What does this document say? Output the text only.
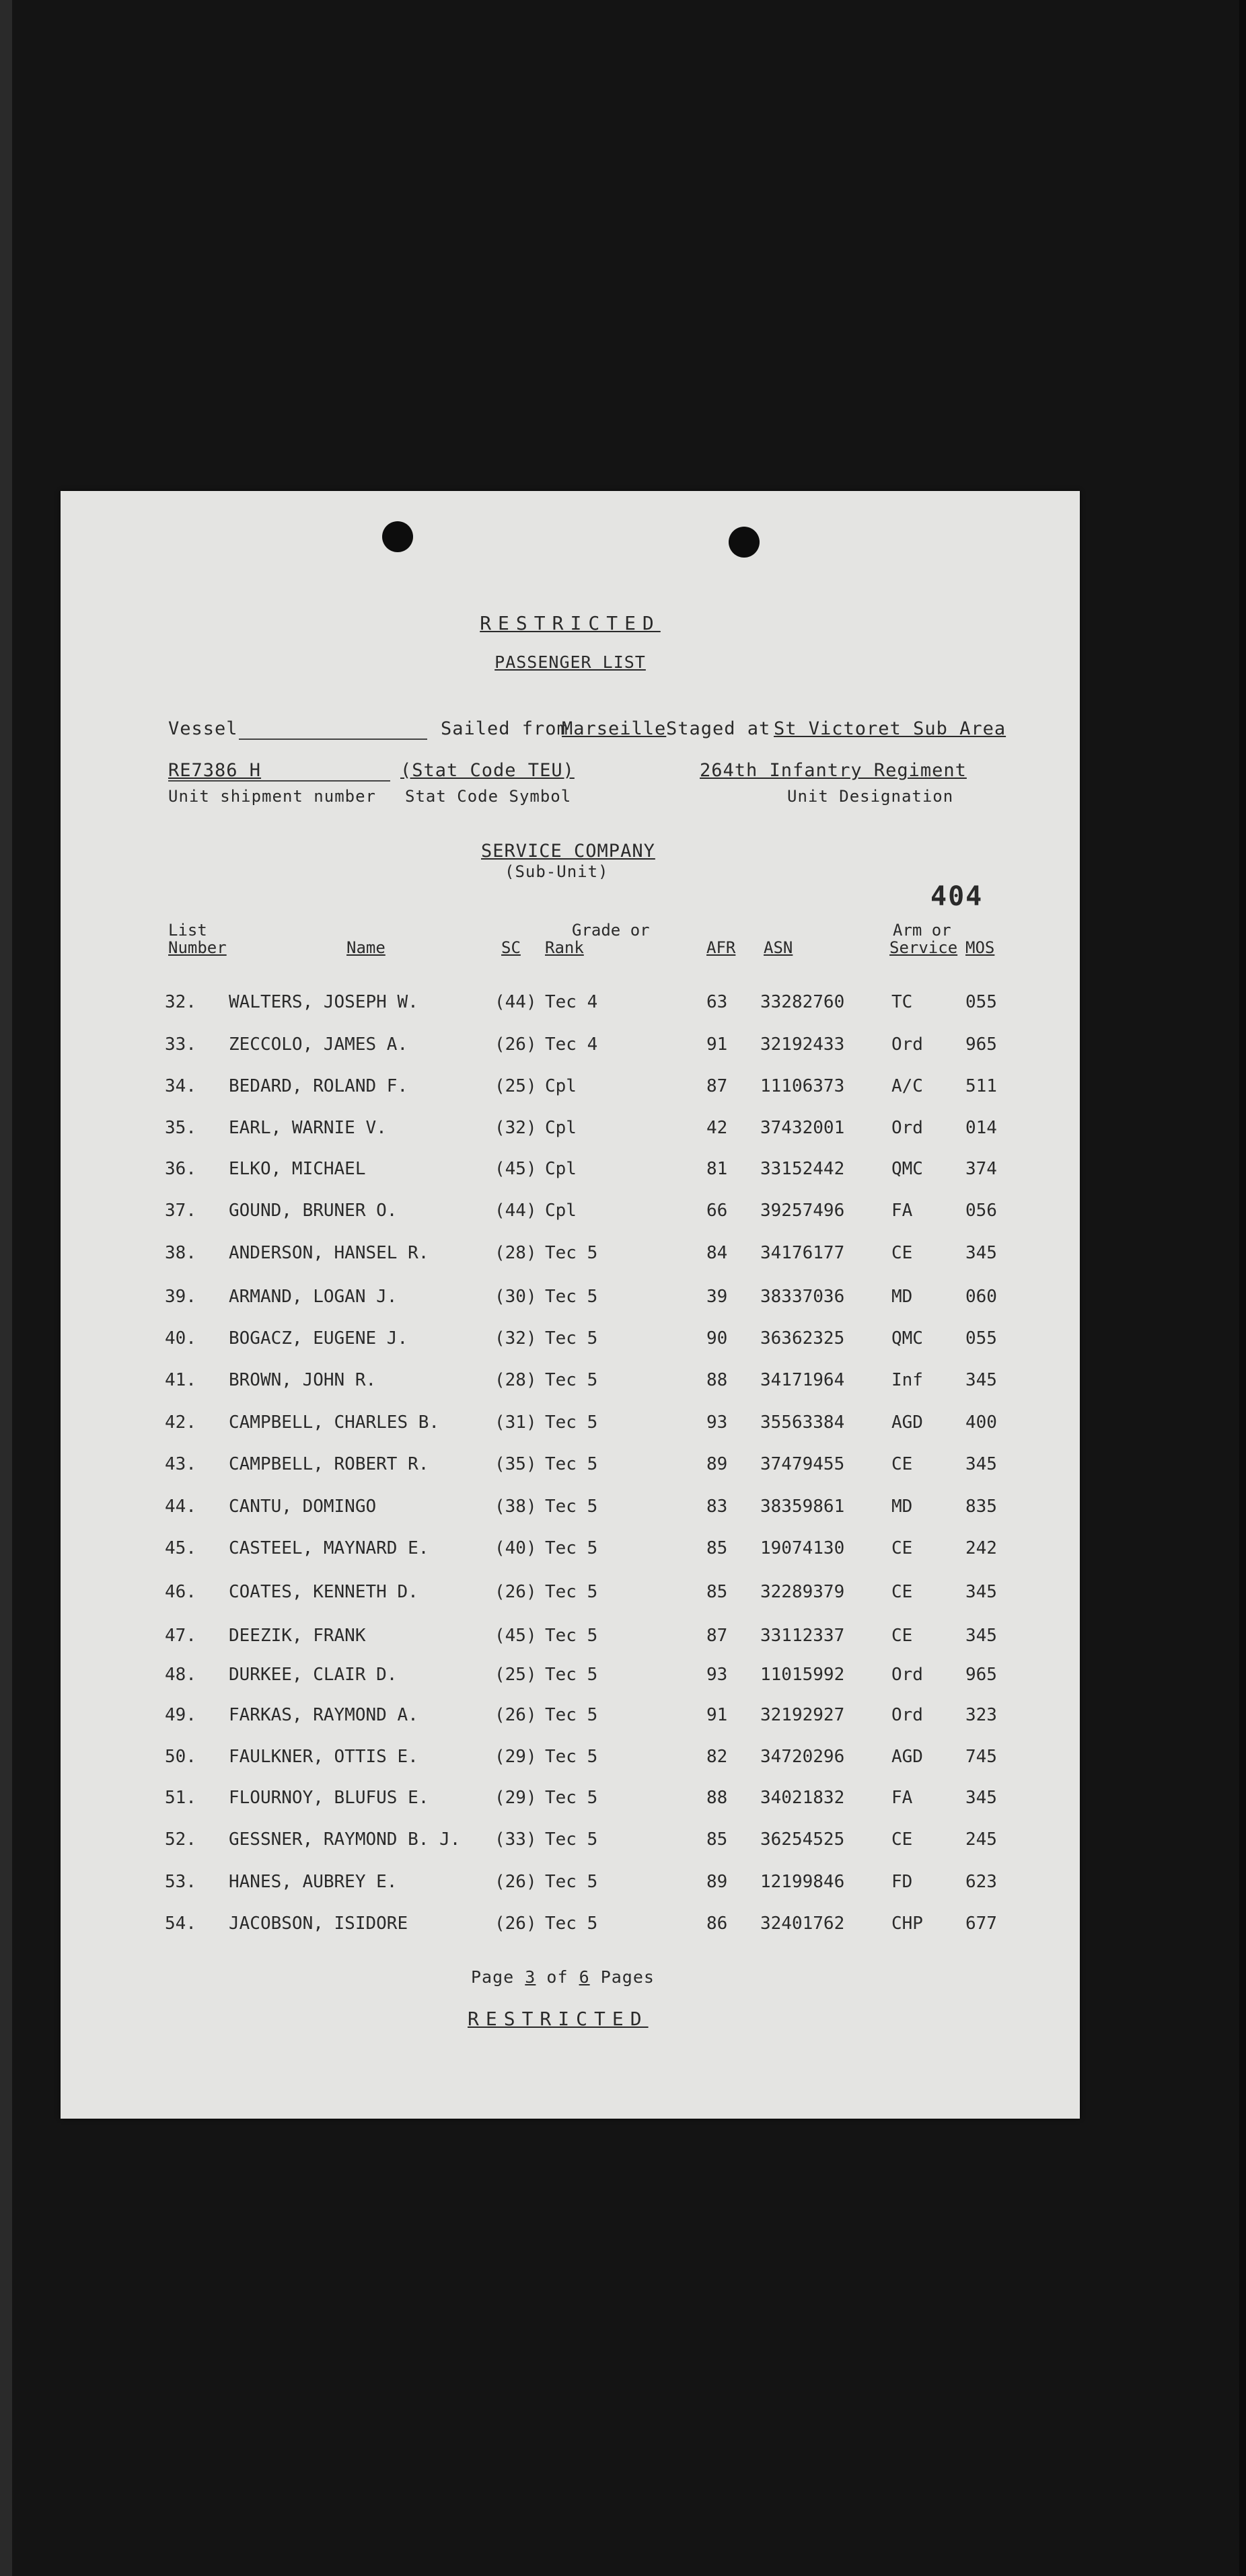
RESTRICTED
PASSENGER LIST
Vessel	Sailed from
Marseille Staged at St Victoret Sub Area
RE7386 H
Unit shipment number
(Stat Code TEU)
Stat Code Symbol
264th Infantry Regiment
Unit Designation
SERVICE COMPANY
(Sub-Unit)
404
List
Number	Name	SC
Grade or
Rank	AFR ASN
Arm or
Service MOS
32. WALTERS, JOSEPH W.	(44) Tec 4	63 33282760	TC	055
33. ZECCOLO, JAMES A.	(26) Tec 4	91 32192433	Ord 965
34. BEDARD, ROLAND F.	(25) Cpl	87 11106373	A/C 511
35. EARL, WARNIE V.	(32) Cpl	42 37432001	Ord 014
36. ELKO, MICHAEL	(45) Cpl	81 33152442	QMC 374
37. GOUND, BRUNER O.	(44) Cpl	66 39257496	FA	056
38. ANDERSON, HANSEL R.	(28) Tec 5	84 34176177	CE	345
39. ARMAND, LOGAN J.	(30) Tec 5	39 38337036	MD	060
40. BOGACZ, EUGENE J.	(32) Tec 5	90 36362325	QMC 055
41. BROWN, JOHN R.	(28) Tec 5	88 34171964	Inf 345
42. CAMPBELL, CHARLES B.	(31) Tec 5	93 35563384	AGD 400
43. CAMPBELL, ROBERT R.	(35) Tec 5	89 37479455	CE	345
44. CANTU, DOMINGO	(38) Tec 5	83 38359861	MD	835
45. CASTEEL, MAYNARD E.	(40) Tec 5	85 19074130	CE	242
46. COATES, KENNETH D.	(26) Tec 5	85 32289379	CE	345
47. DEEZIK, FRANK	(45) Tec 5	87 33112337	CE	345
48. DURKEE, CLAIR D.	(25) Tec 5	93 11015992	Ord 965
49. FARKAS, RAYMOND A.	(26) Tec 5	91 32192927	Ord 323
50. FAULKNER, OTTIS E.	(29) Tec 5	82 34720296	AGD 745
51. FLOURNOY, BLUFUS E.	(29) Tec 5	88 34021832	FA	345
52. GESSNER, RAYMOND B. J. (33) Tec 5	85 36254525	CE	245
53. HANES, AUBREY E.	(26) Tec 5	89 12199846	FD	623
54. JACOBSON, ISIDORE	(26) Tec 5	86 32401762	CHP 677
Page 3 of 6 Pages
RESTRICTED
